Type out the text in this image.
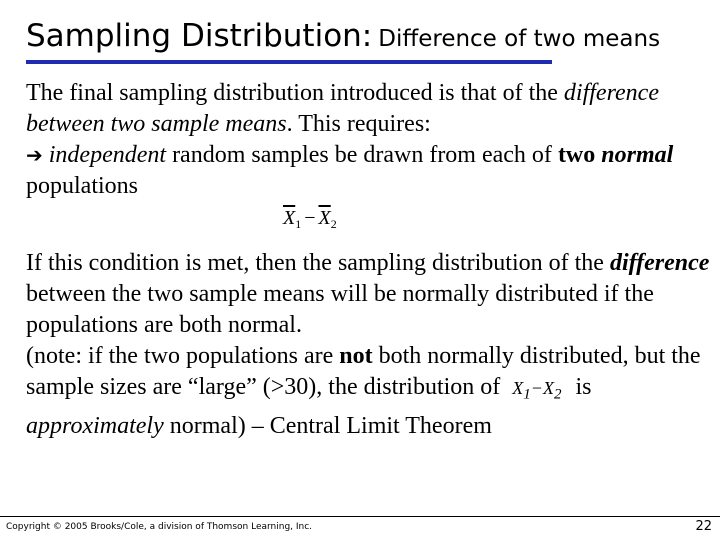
Sampling Distribution: Difference of two means
The final sampling distribution introduced is that of the difference between two sample means. This requires:
➔ independent random samples be drawn from each of two normal populations
$\overline{X}_1 - \overline{X}_2$
If this condition is met, then the sampling distribution of the difference between the two sample means will be normally distributed if the populations are both normal.
(note: if the two populations are not both normally distributed, but the sample sizes are “large” (>30), the distribution of $X_1-X_2$ is approximately normal) – Central Limit Theorem
Copyright © 2005 Brooks/Cole, a division of Thomson Learning, Inc.	22
